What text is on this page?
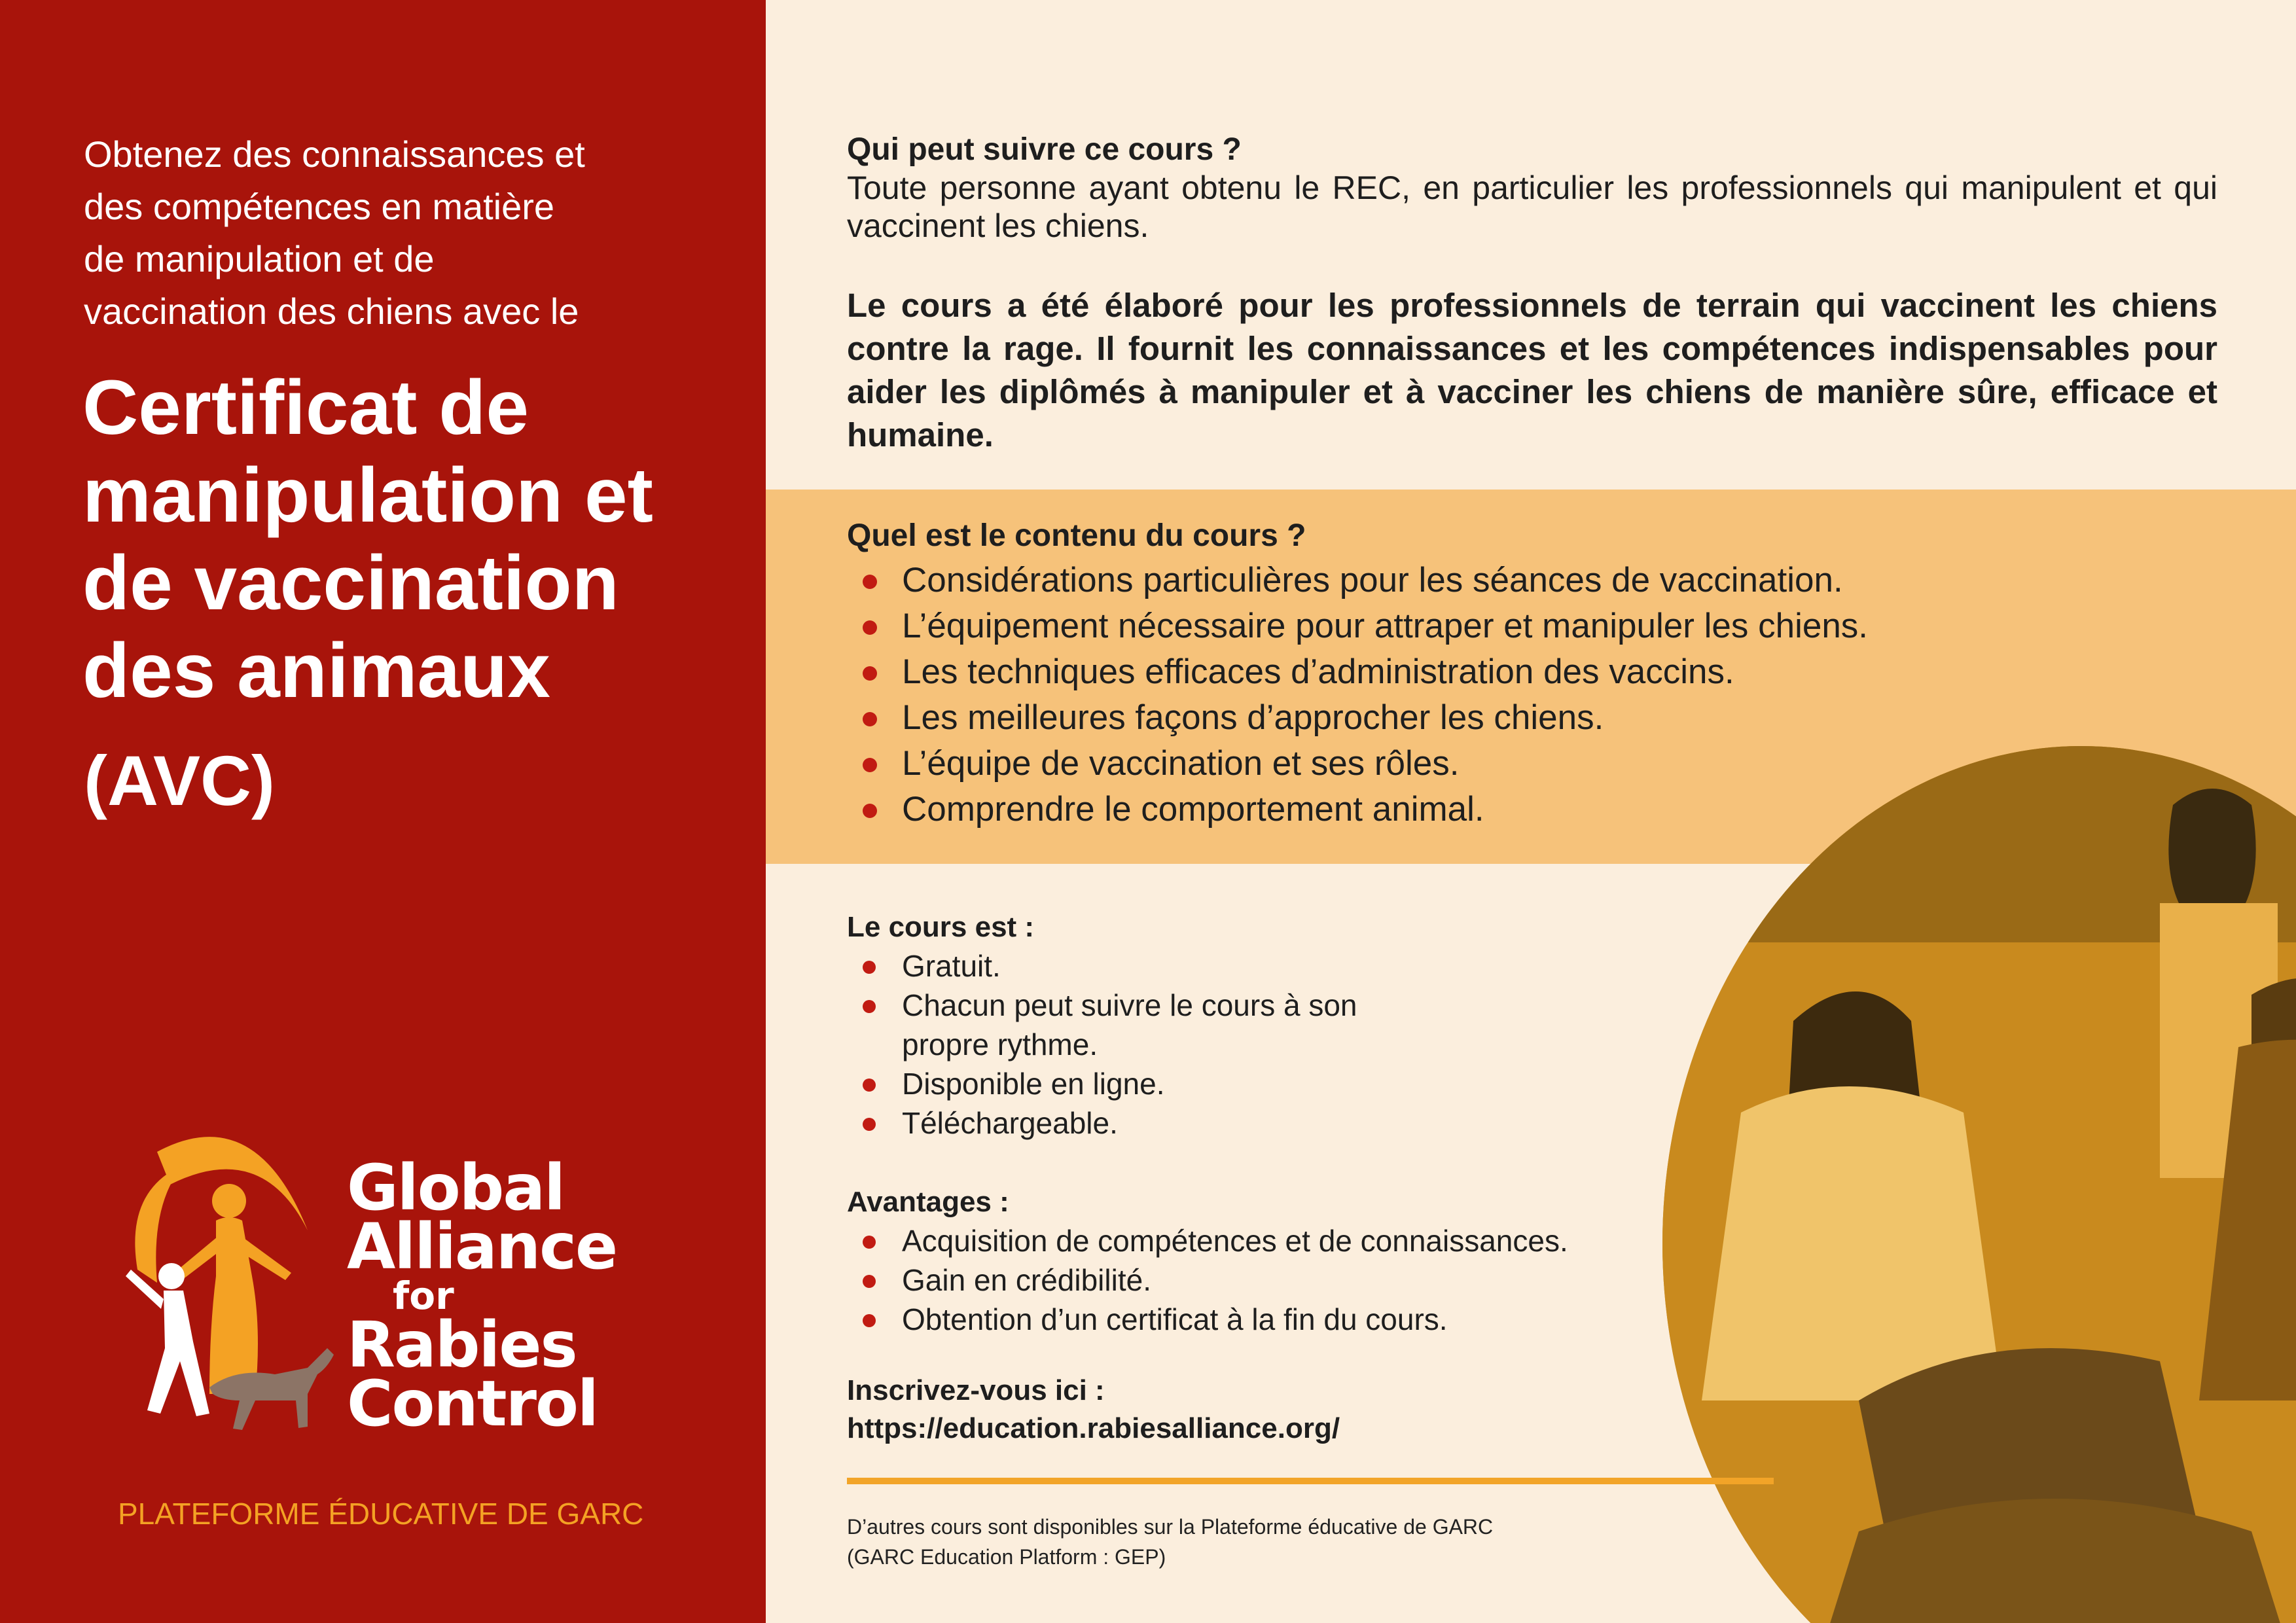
Obtenez des connaissances et
des compétences en matière
de manipulation et de
vaccination des chiens avec le
Certificat de
manipulation et
de vaccination
des animaux
(AVC)
Global
Alliance
for
Rabies
Control
PLATEFORME ÉDUCATIVE DE GARC
Qui peut suivre ce cours ?
Toute personne ayant obtenu le REC, en particulier les professionnels qui manipulent et qui vaccinent les chiens.
Le cours a été élaboré pour les professionnels de terrain qui vaccinent les chiens contre la rage. Il fournit les connaissances et les compétences indispensables pour aider les diplômés à manipuler et à vacciner les chiens de manière sûre, efficace et humaine.
Quel est le contenu du cours ?
Considérations particulières pour les séances de vaccination.
L’équipement nécessaire pour attraper et manipuler les chiens.
Les techniques efficaces d’administration des vaccins.
Les meilleures façons d’approcher les chiens.
L’équipe de vaccination et ses rôles.
Comprendre le comportement animal.
Le cours est :
Gratuit.
Chacun peut suivre le cours à son
propre rythme.
Disponible en ligne.
Téléchargeable.
Avantages :
Acquisition de compétences et de connaissances.
Gain en crédibilité.
Obtention d’un certificat à la fin du cours.
Inscrivez-vous ici :
https://education.rabiesalliance.org/
D’autres cours sont disponibles sur la Plateforme éducative de GARC
(GARC Education Platform : GEP)
